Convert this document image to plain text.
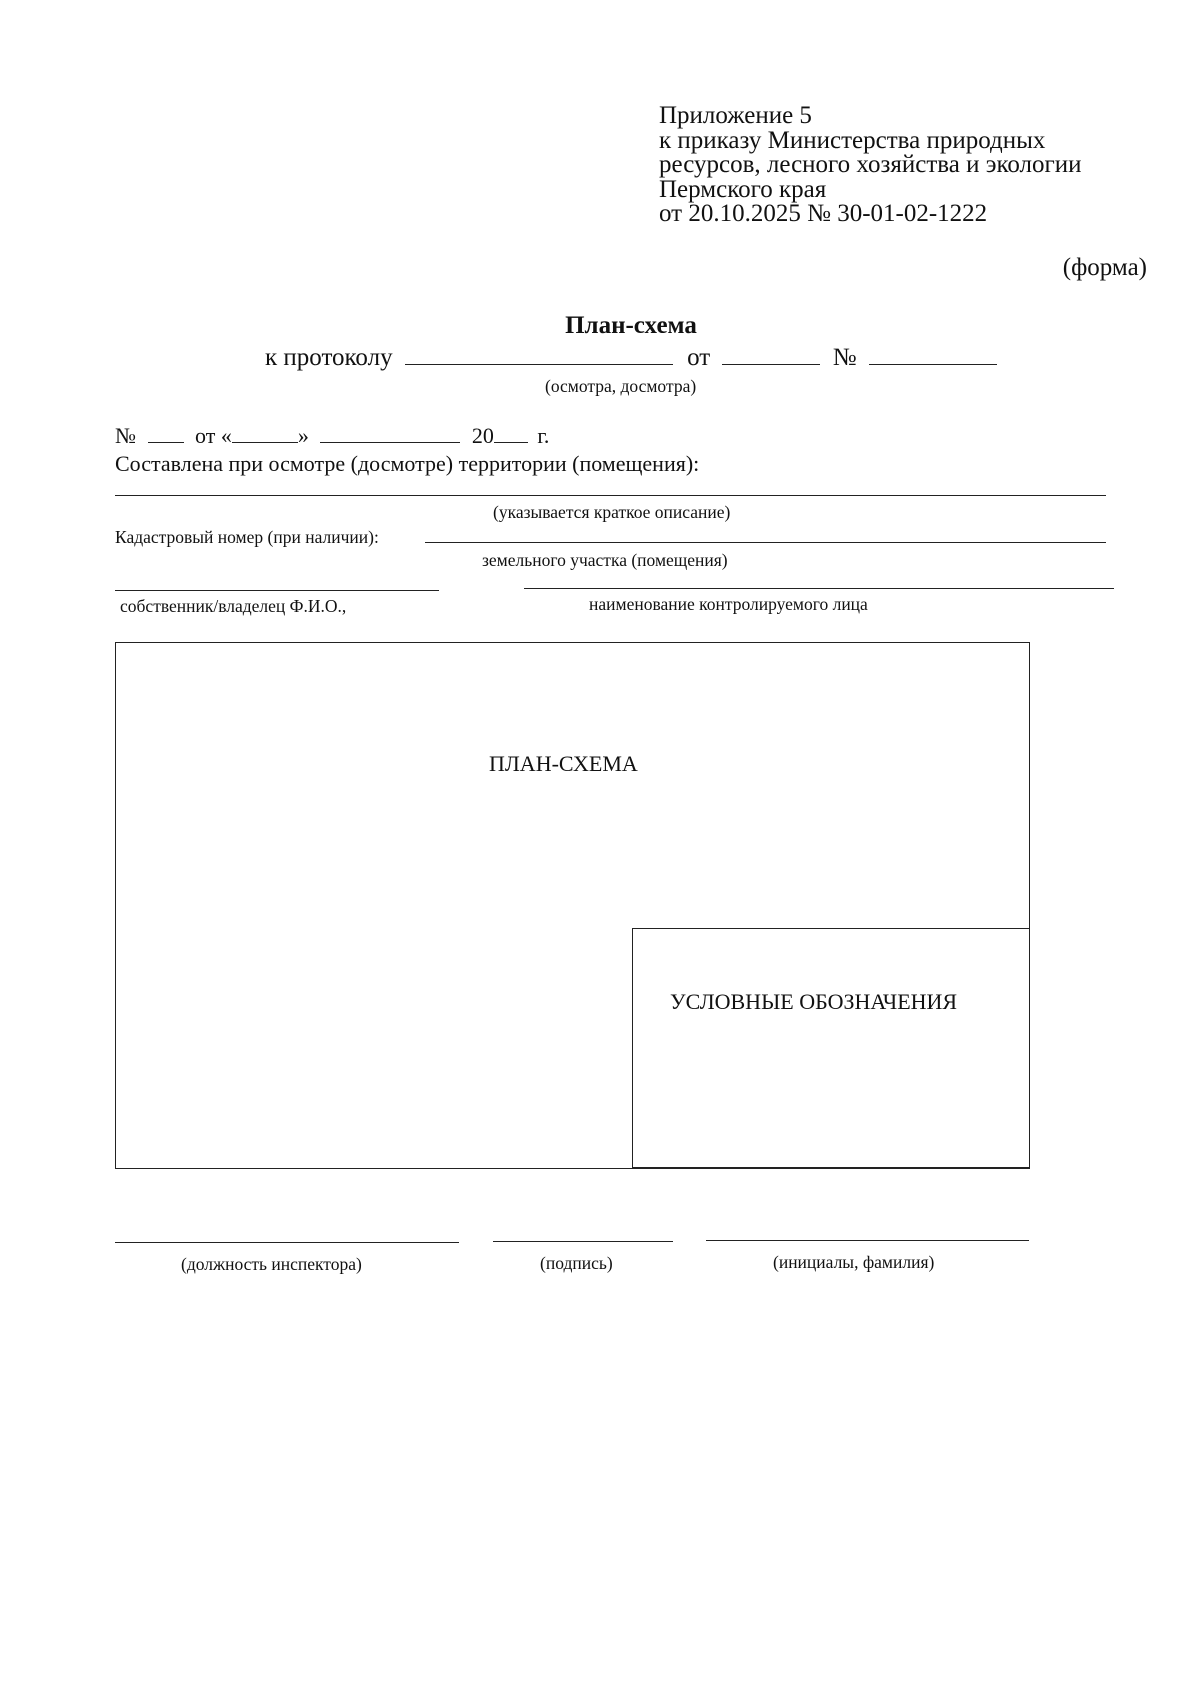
Приложение 5
к приказу Министерства природных
ресурсов, лесного хозяйства и экологии
Пермского края
от 20.10.2025 № 30-01-02-1222
(форма)
План-схема
к протоколу	от	№
(осмотра, досмотра)
№	от «	»	20 г.
Составлена при осмотре (досмотре) территории (помещения):
(указывается краткое описание)
Кадастровый номер (при наличии):
земельного участка (помещения)
собственник/владелец Ф.И.О.,	наименование контролируемого лица
ПЛАН-СХЕМА
УСЛОВНЫЕ ОБОЗНАЧЕНИЯ
(должность инспектора)	(подпись)	(инициалы, фамилия)
